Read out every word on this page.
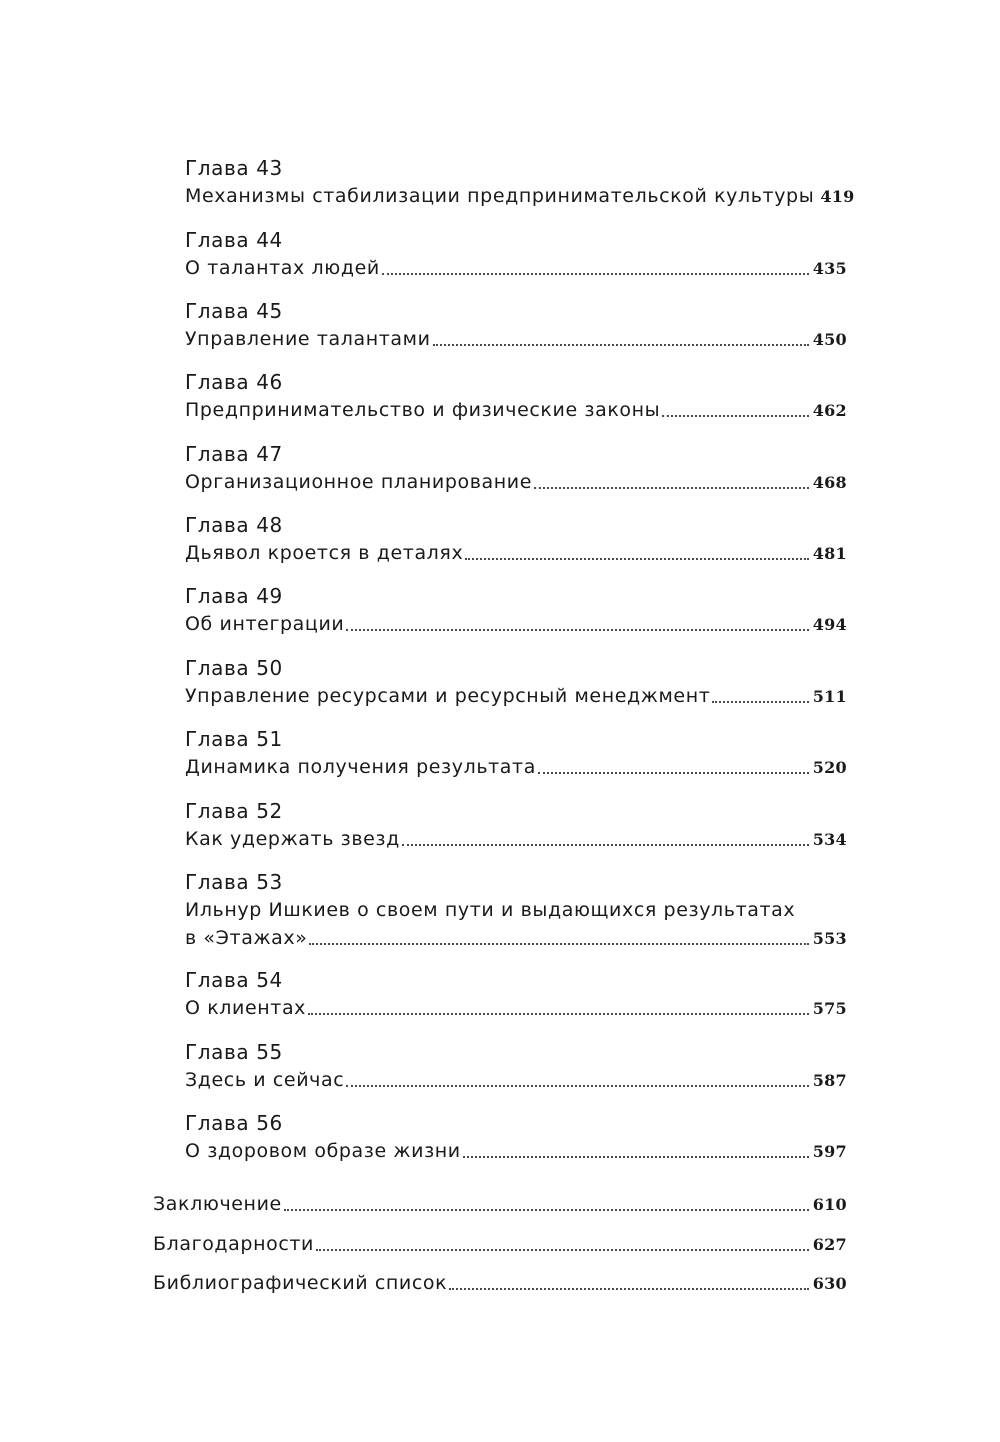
Глава 43
Механизмы стабилизации предпринимательской культуры 419
Глава 44
О талантах людей	435
Глава 45
Управление талантами	450
Глава 46
Предпринимательство и физические законы	462
Глава 47
Организационное планирование	468
Глава 48
Дьявол кроется в деталях	481
Глава 49
Об интеграции	494
Глава 50
Управление ресурсами и ресурсный менеджмент	511
Глава 51
Динамика получения результата	520
Глава 52
Как удержать звезд	534
Глава 53
Ильнур Ишкиев о своем пути и выдающихся результатах
в «Этажах»	553
Глава 54
О клиентах	575
Глава 55
Здесь и сейчас	587
Глава 56
О здоровом образе жизни	597
Заключение	610
Благодарности	627
Библиографический список	630
